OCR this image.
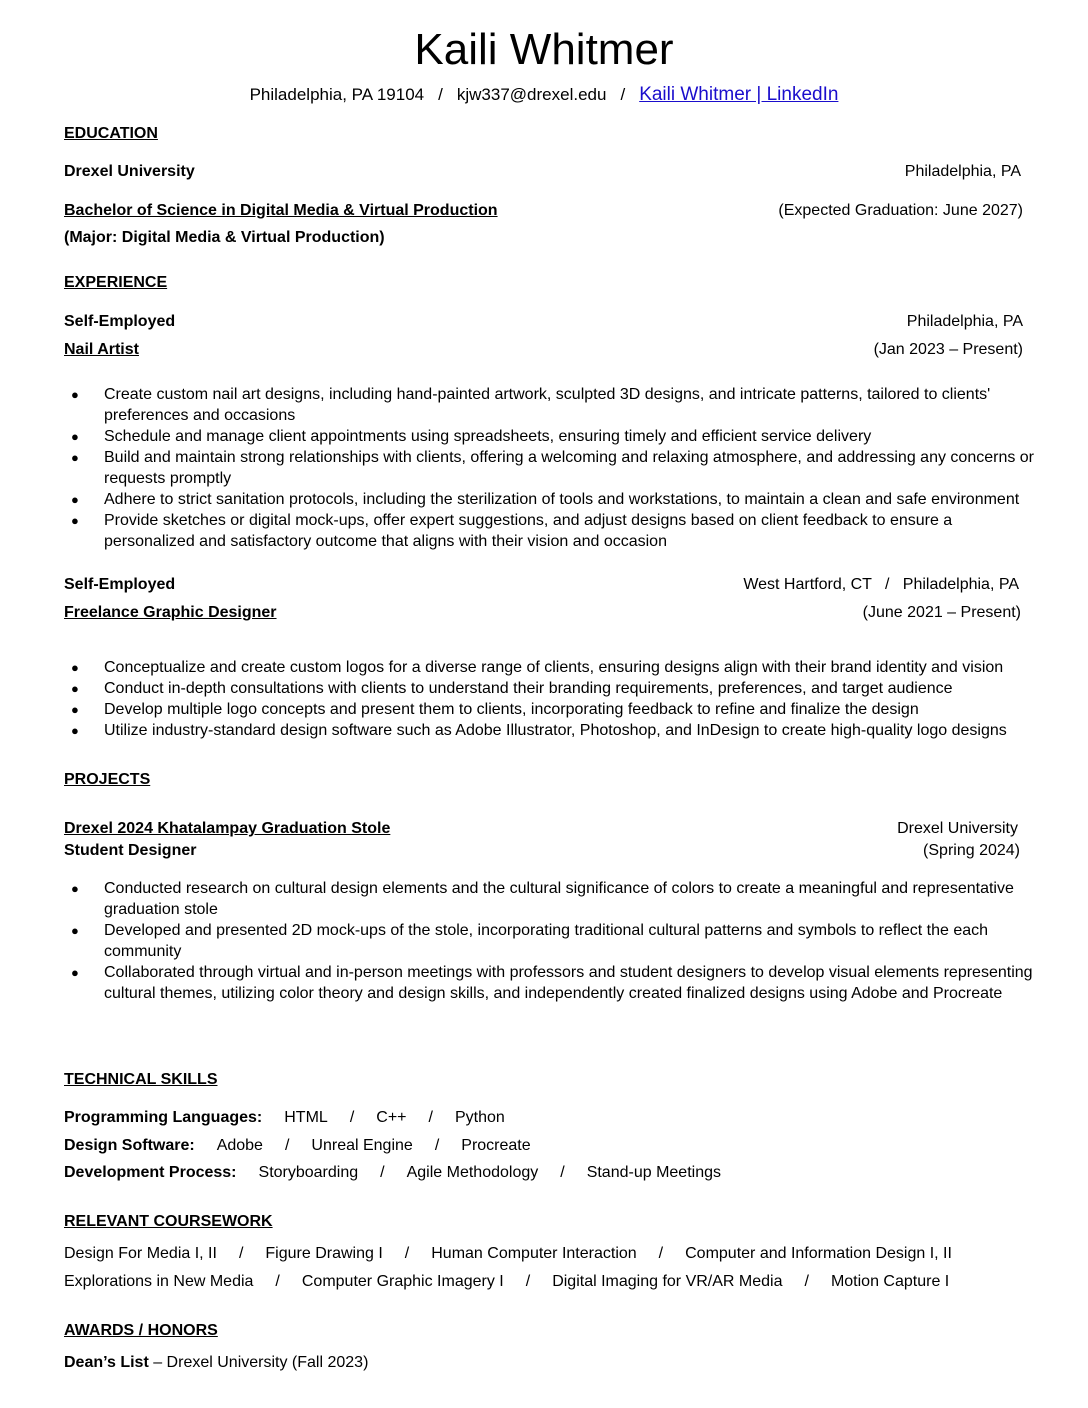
Kaili Whitmer
Philadelphia, PA 19104 / kjw337@drexel.edu / Kaili Whitmer | LinkedIn
EDUCATION
Drexel University	Philadelphia, PA
Bachelor of Science in Digital Media & Virtual Production	(Expected Graduation: June 2027)
(Major: Digital Media & Virtual Production)
EXPERIENCE
Self-Employed	Philadelphia, PA
Nail Artist	(Jan 2023 – Present)
● Create custom nail art designs, including hand-painted artwork, sculpted 3D designs, and intricate patterns, tailored to clients' preferences and occasions
● Schedule and manage client appointments using spreadsheets, ensuring timely and efficient service delivery
● Build and maintain strong relationships with clients, offering a welcoming and relaxing atmosphere, and addressing any concerns or requests promptly
● Adhere to strict sanitation protocols, including the sterilization of tools and workstations, to maintain a clean and safe environment
● Provide sketches or digital mock-ups, offer expert suggestions, and adjust designs based on client feedback to ensure a personalized and satisfactory outcome that aligns with their vision and occasion
Self-Employed	West Hartford, CT   /   Philadelphia, PA
Freelance Graphic Designer	(June 2021 – Present)
● Conceptualize and create custom logos for a diverse range of clients, ensuring designs align with their brand identity and vision
● Conduct in-depth consultations with clients to understand their branding requirements, preferences, and target audience
● Develop multiple logo concepts and present them to clients, incorporating feedback to refine and finalize the design
● Utilize industry-standard design software such as Adobe Illustrator, Photoshop, and InDesign to create high-quality logo designs
PROJECTS
Drexel 2024 Khatalampay Graduation Stole	Drexel University
Student Designer	(Spring 2024)
● Conducted research on cultural design elements and the cultural significance of colors to create a meaningful and representative graduation stole
● Developed and presented 2D mock-ups of the stole, incorporating traditional cultural patterns and symbols to reflect the each community
● Collaborated through virtual and in-person meetings with professors and student designers to develop visual elements representing cultural themes, utilizing color theory and design skills, and independently created finalized designs using Adobe and Procreate
TECHNICAL SKILLS
Programming Languages: HTML	/ C++	/ Python
Design Software: Adobe	/ Unreal Engine	/ Procreate
Development Process: Storyboarding	/ Agile Methodology	/ Stand-up Meetings
RELEVANT COURSEWORK
Design For Media I, II	/ Figure Drawing I	/ Human Computer Interaction	/ Computer and Information Design I, II
Explorations in New Media	/ Computer Graphic Imagery I	/ Digital Imaging for VR/AR Media	/ Motion Capture I
AWARDS / HONORS
Dean’s List – Drexel University (Fall 2023)
